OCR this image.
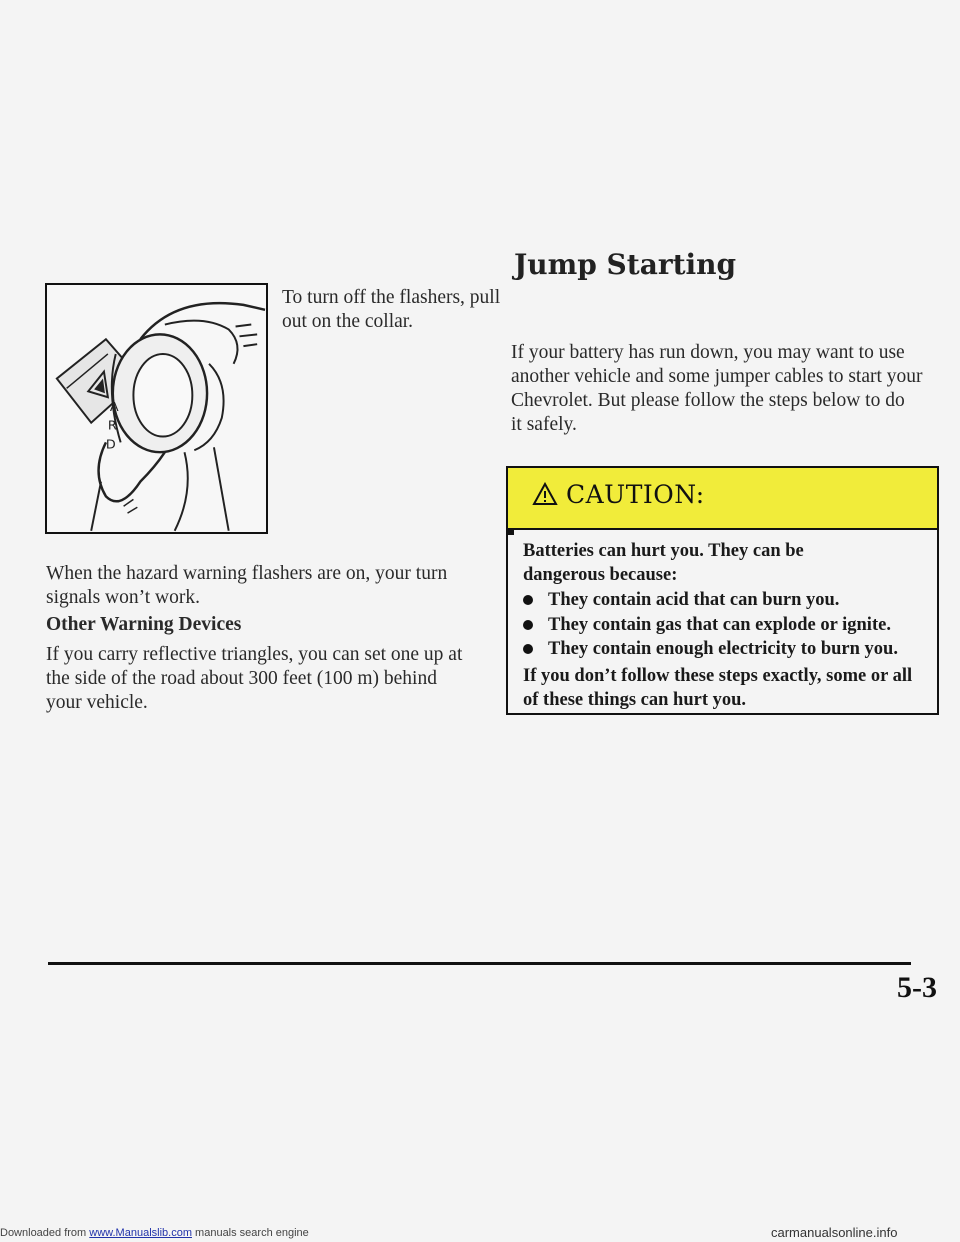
A
R
D
To turn off the flashers, pull
out on the collar.
When the hazard warning flashers are on, your turn
signals won’t work.
Other Warning Devices
If you carry reflective triangles, you can set one up at
the side of the road about 300 feet (100 m) behind
your vehicle.
Jump Starting
If your battery has run down, you may want to use
another vehicle and some jumper cables to start your
Chevrolet. But please follow the steps below to do
it safely.
CAUTION:
Batteries can hurt you. They can be
dangerous because:
They contain acid that can burn you.
They contain gas that can explode or ignite.
They contain enough electricity to burn you.
If you don’t follow these steps exactly, some or all
of these things can hurt you.
5-3
Downloaded from www.Manualslib.com manuals search engine	carmanualsonline.info
